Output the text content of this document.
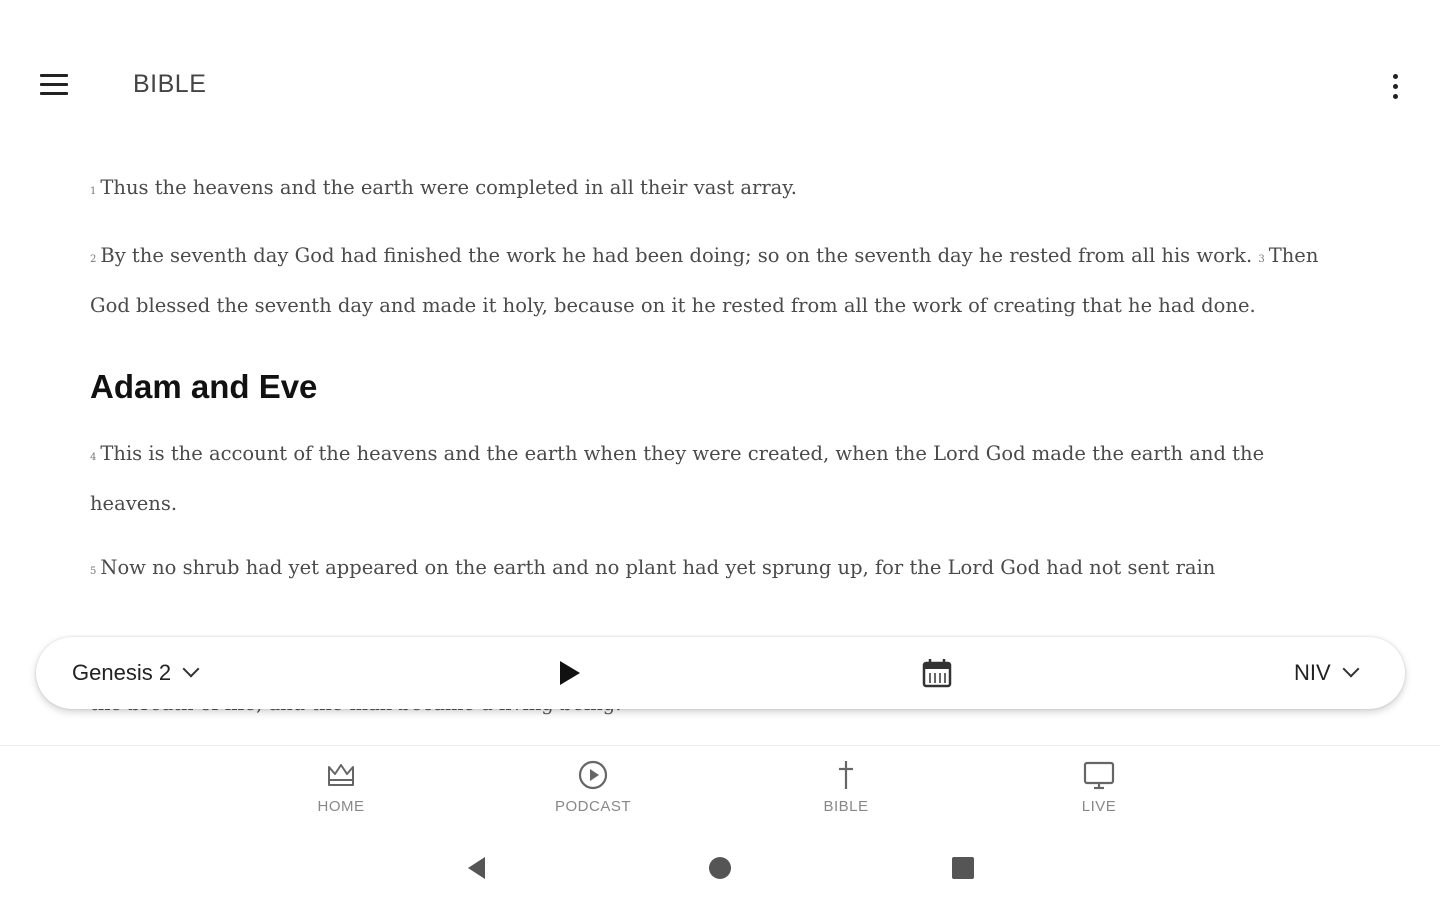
BIBLE

1 Thus the heavens and the earth were completed in all their vast array.

2 By the seventh day God had finished the work he had been doing; so on the seventh day he rested from all his work. 3 Then God blessed the seventh day and made it holy, because on it he rested from all the work of creating that he had done.

Adam and Eve

4 This is the account of the heavens and the earth when they were created, when the Lord God made the earth and the heavens.

5 Now no shrub had yet appeared on the earth and no plant had yet sprung up, for the Lord God had not sent rain

Genesis 2	NIV
HOME	PODCAST	BIBLE	LIVE
